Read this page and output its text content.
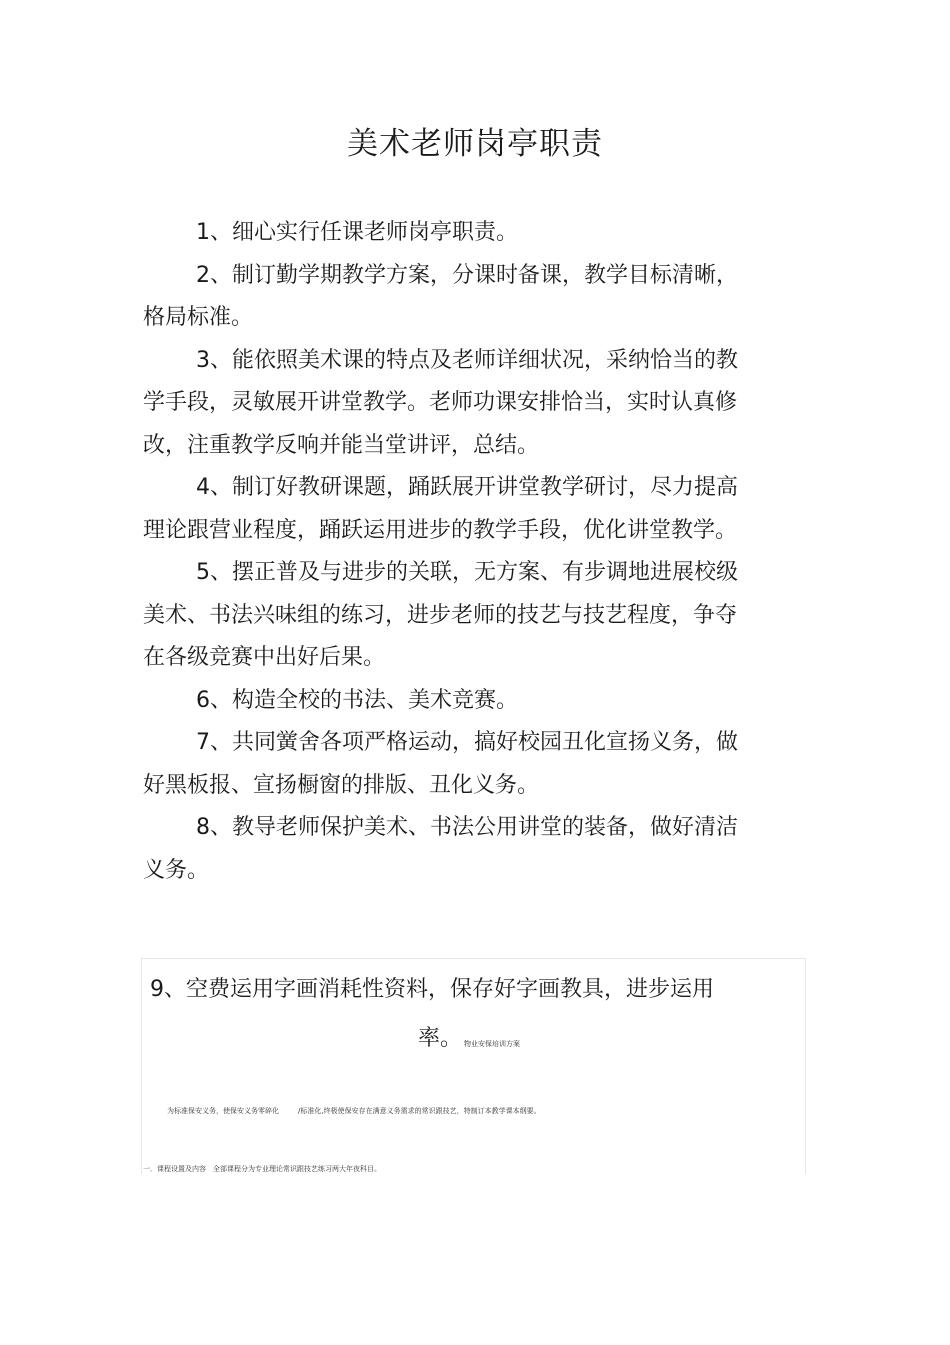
美术老师岗亭职责

1、细心实行任课老师岗亭职责。

2、制订勤学期教学方案，分课时备课，教学目标清晰，格局标准。

3、能依照美术课的特点及老师详细状况，采纳恰当的教学手段，灵敏展开讲堂教学。老师功课安排恰当，实时认真修改，注重教学反响并能当堂讲评，总结。

4、制订好教研课题，踊跃展开讲堂教学研讨，尽力提高理论跟营业程度，踊跃运用进步的教学手段，优化讲堂教学。

5、摆正普及与进步的关联，无方案、有步调地进展校级美术、书法兴味组的练习，进步老师的技艺与技艺程度，争夺在各级竞赛中出好后果。

6、构造全校的书法、美术竞赛。

7、共同黉舍各项严格运动，搞好校园丑化宣扬义务，做好黑板报、宣扬橱窗的排版、丑化义务。

8、教导老师保护美术、书法公用讲堂的装备，做好清洁义务。

9、空费运用字画消耗性资料，保存好字画教具，进步运用
率。 物业安保培训方案
为标准保安义务，使保安义务零碎化	/标准化,终极使保安存在满意义务需求的常识跟技艺，特制订本教学课本纲要。
一．课程设置及内容　全部课程分为专业理论常识跟技艺练习两大年夜科目。
